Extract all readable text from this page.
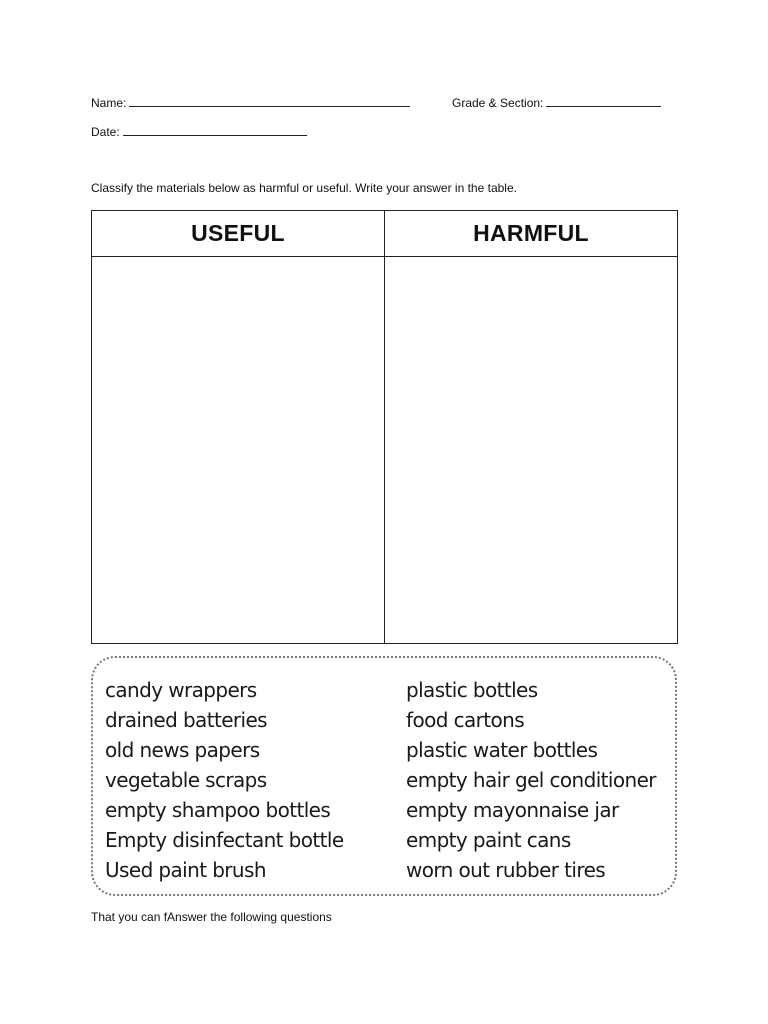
Name:	Grade & Section:
Date:
Classify the materials below as harmful or useful. Write your answer in the table.
USEFUL	HARMFUL
candy wrappers
drained batteries
old news papers
vegetable scraps
empty shampoo bottles
Empty disinfectant bottle
Used paint brush
plastic bottles
food cartons
plastic water bottles
empty hair gel conditioner
empty mayonnaise jar
empty paint cans
worn out rubber tires
That you can fAnswer the following questions
